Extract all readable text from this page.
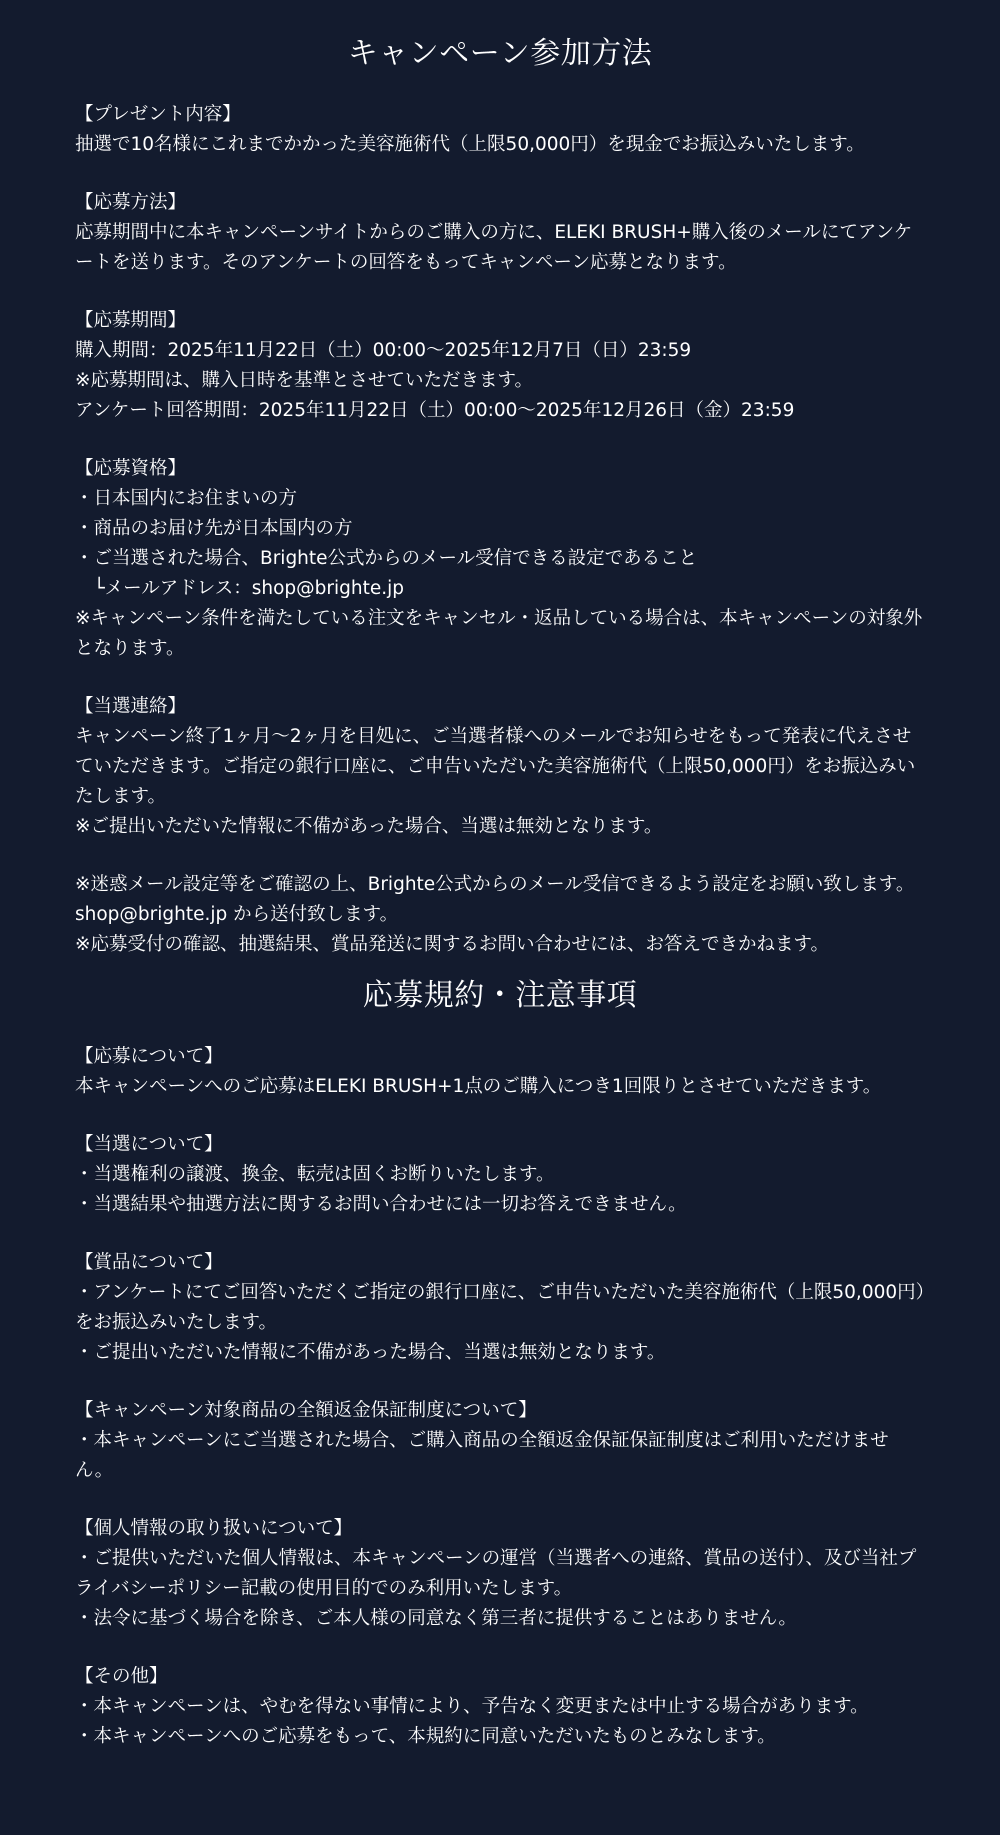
キャンペーン参加方法

【プレゼント内容】

抽選で10名様にこれまでかかった美容施術代（上限50,000円）を現金でお振込みいたします。

【応募方法】

応募期間中に本キャンペーンサイトからのご購入の方に、ELEKI BRUSH+購入後のメールにてアンケートを送ります。そのアンケートの回答をもってキャンペーン応募となります。

【応募期間】

購入期間：2025年11月22日（土）00:00〜2025年12月7日（日）23:59

※応募期間は、購入日時を基準とさせていただきます。

アンケート回答期間：2025年11月22日（土）00:00〜2025年12月26日（金）23:59

【応募資格】

・日本国内にお住まいの方

・商品のお届け先が日本国内の方

・ご当選された場合、Brighte公式からのメール受信できる設定であること

　└メールアドレス：shop@brighte.jp

※キャンペーン条件を満たしている注文をキャンセル・返品している場合は、本キャンペーンの対象外となります。

【当選連絡】

キャンペーン終了1ヶ月〜2ヶ月を目処に、ご当選者様へのメールでお知らせをもって発表に代えさせていただきます。ご指定の銀行口座に、ご申告いただいた美容施術代（上限50,000円）をお振込みいたします。

※ご提出いただいた情報に不備があった場合、当選は無効となります。

※迷惑メール設定等をご確認の上、Brighte公式からのメール受信できるよう設定をお願い致します。shop@brighte.jp から送付致します。

※応募受付の確認、抽選結果、賞品発送に関するお問い合わせには、お答えできかねます。

応募規約・注意事項

【応募について】

本キャンペーンへのご応募はELEKI BRUSH+1点のご購入につき1回限りとさせていただきます。

【当選について】

・当選権利の譲渡、換金、転売は固くお断りいたします。

・当選結果や抽選方法に関するお問い合わせには一切お答えできません。

【賞品について】

・アンケートにてご回答いただくご指定の銀行口座に、ご申告いただいた美容施術代（上限50,000円）をお振込みいたします。

・ご提出いただいた情報に不備があった場合、当選は無効となります。

【キャンペーン対象商品の全額返金保証制度について】

・本キャンペーンにご当選された場合、ご購入商品の全額返金保証保証制度はご利用いただけません。

【個人情報の取り扱いについて】

・ご提供いただいた個人情報は、本キャンペーンの運営（当選者への連絡、賞品の送付）、及び当社プライバシーポリシー記載の使用目的でのみ利用いたします。

・法令に基づく場合を除き、ご本人様の同意なく第三者に提供することはありません。

【その他】

・本キャンペーンは、やむを得ない事情により、予告なく変更または中止する場合があります。

・本キャンペーンへのご応募をもって、本規約に同意いただいたものとみなします。
